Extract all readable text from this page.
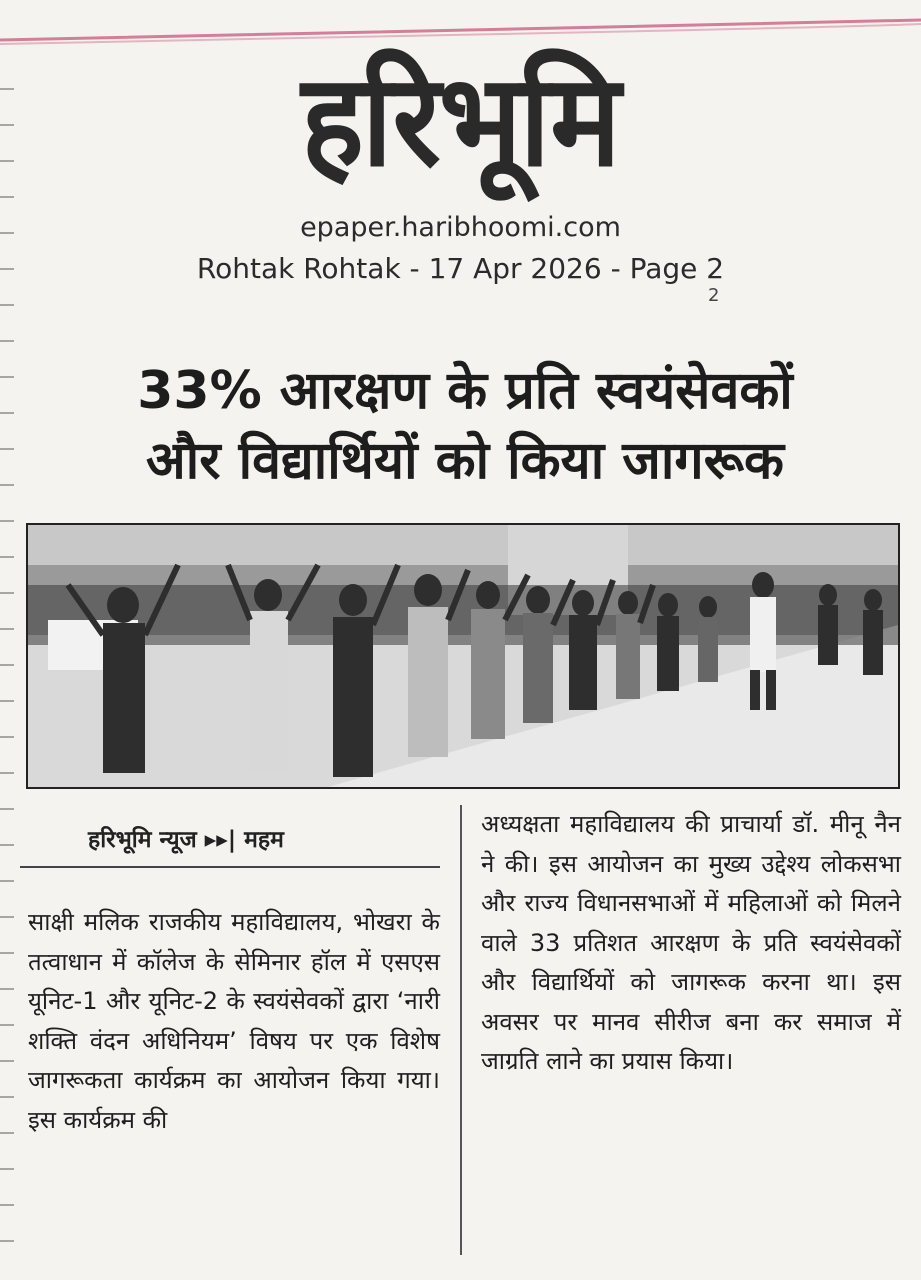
हरिभूमि
epaper.haribhoomi.com
Rohtak Rohtak - 17 Apr 2026 - Page 2
2
33% आरक्षण के प्रति स्वयंसेवकों
और विद्यार्थियों को किया जागरूक
हरिभूमि न्यूज ▸▸| महम
साक्षी मलिक राजकीय महाविद्यालय, भोखरा के तत्वाधान में कॉलेज के सेमिनार हॉल में एसएस यूनिट-1 और यूनिट-2 के स्वयंसेवकों द्वारा ‘नारी शक्ति वंदन अधिनियम’ विषय पर एक विशेष जागरूकता कार्यक्रम का आयोजन किया गया। इस कार्यक्रम की
अध्यक्षता महाविद्यालय की प्राचार्या डॉ. मीनू नैन ने की। इस आयोजन का मुख्य उद्देश्य लोकसभा और राज्य विधानसभाओं में महिलाओं को मिलने वाले 33 प्रतिशत आरक्षण के प्रति स्वयंसेवकों और विद्यार्थियों को जागरूक करना था। इस अवसर पर मानव सीरीज बना कर समाज में जाग्रति लाने का प्रयास किया।
